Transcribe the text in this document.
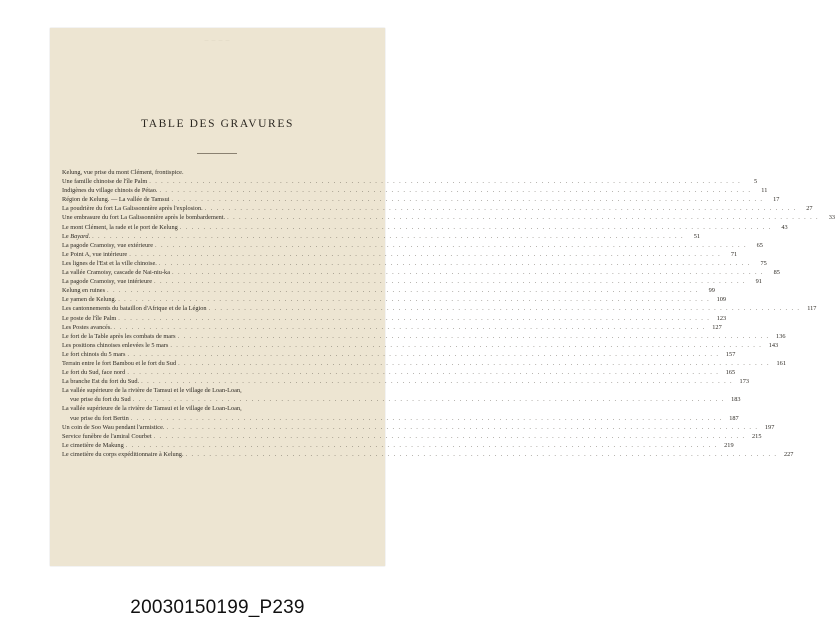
— — — —
TABLE DES GRAVURES
Kelung, vue prise du mont Clément, frontispice.
Une famille chinoise de l'île Palm . . .	5
Indigènes du village chinois de Pétao. . . .	11
Région de Kelung. — La vallée de Tamsui . . .	17
La poudrière du fort La Galissonnière après l'explosion. . . .	27
Une embrasure du fort La Galissonnière après le bombardement. . . .	33
Le mont Clément, la rade et le port de Kelung . . .	43
Le Bayard. . . .	51
La pagode Cramoisy, vue extérieure . . .	65
Le Point A, vue intérieure . . .	71
Les lignes de l'Est et la ville chinoise. . . .	75
La vallée Cramoisy, cascade de Nai-niu-ka . . .	85
La pagode Cramoisy, vue intérieure . . .	91
Kelung en ruines . . .	99
Le yamen de Kelung. . . .	109
Les cantonnements du bataillon d'Afrique et de la Légion . . .	117
Le poste de l'île Palm . . .	123
Les Postes avancés. . . .	127
Le fort de la Table après les combats de mars . . .	136
Les positions chinoises enlevées le 5 mars . . .	143
Le fort chinois du 5 mars . . .	157
Terrain entre le fort Bambou et le fort du Sud . . .	161
Le fort du Sud, face nord . . .	165
La branche Est du fort du Sud. . . .	173
La vallée supérieure de la rivière de Tamsui et le village de Loan-Loan,
vue prise du fort du Sud . . .	183
La vallée supérieure de la rivière de Tamsui et le village de Loan-Loan,
vue prise du fort Bertin . . .	187
Un coin de Soo Wau pendant l'armistice. . . .	197
Service funèbre de l'amiral Courbet . . .	215
Le cimetière de Makung . . .	219
Le cimetière du corps expéditionnaire à Kelung. . . .	227
20030150199_P239
